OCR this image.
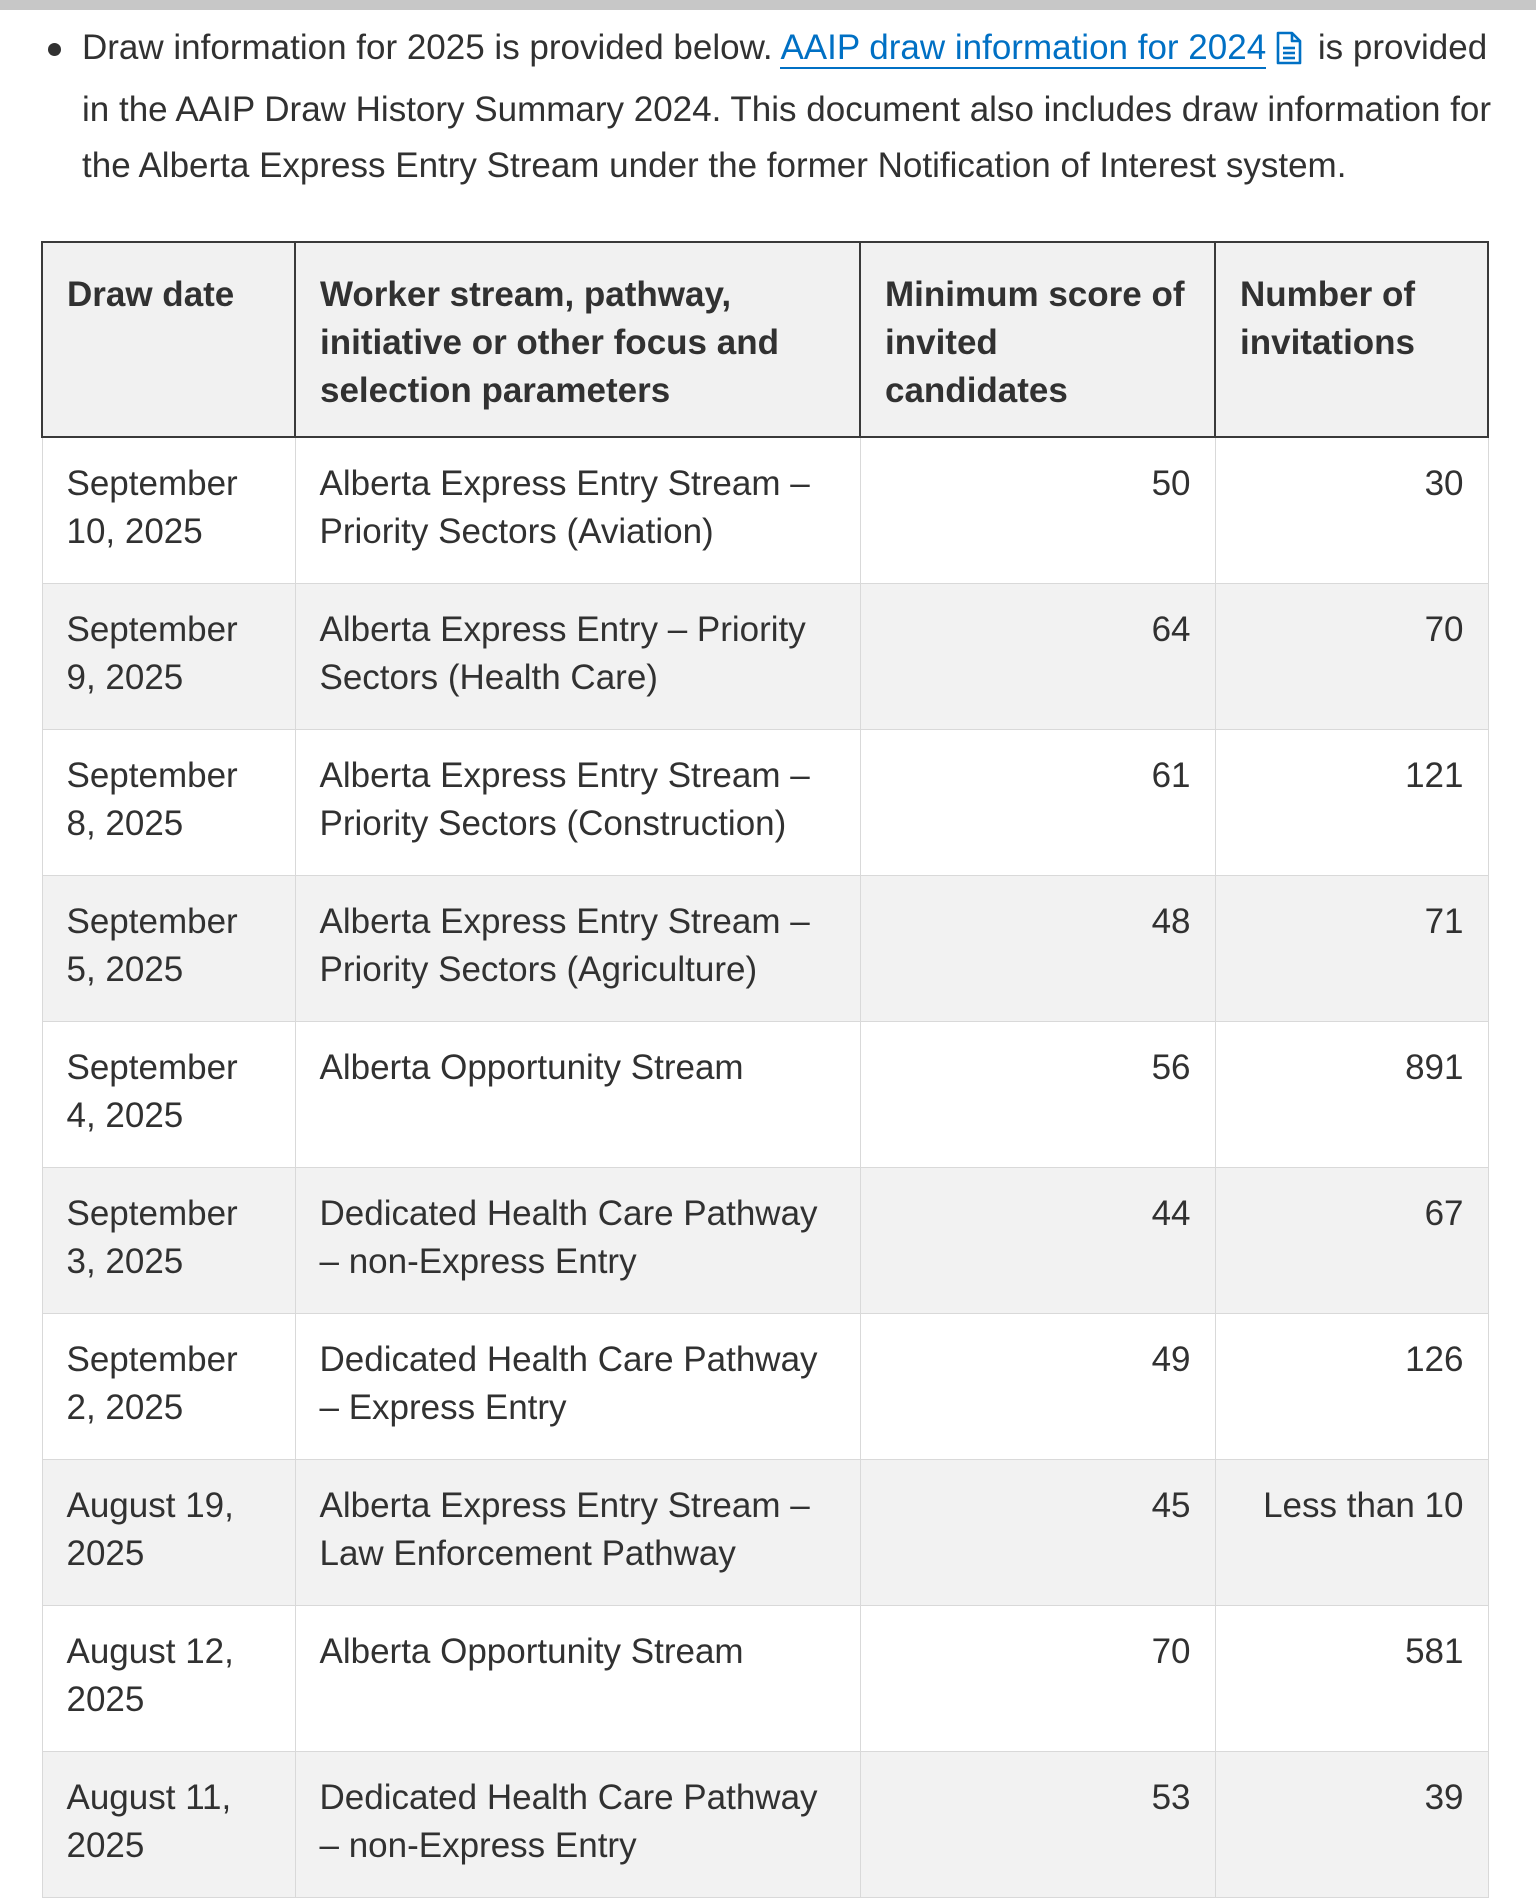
Draw information for 2025 is provided below. AAIP draw information for 2024 is provided in the AAIP Draw History Summary 2024. This document also includes draw information for the Alberta Express Entry Stream under the former Notification of Interest system.
Draw date	Worker stream, pathway, initiative or other focus and selection parameters	Minimum score of invited candidates	Number of invitations
September 10, 2025	Alberta Express Entry Stream – Priority Sectors (Aviation)	50	30
September 9, 2025	Alberta Express Entry – Priority Sectors (Health Care)	64	70
September 8, 2025	Alberta Express Entry Stream – Priority Sectors (Construction)	61	121
September 5, 2025	Alberta Express Entry Stream – Priority Sectors (Agriculture)	48	71
September 4, 2025	Alberta Opportunity Stream	56	891
September 3, 2025	Dedicated Health Care Pathway – non-Express Entry	44	67
September 2, 2025	Dedicated Health Care Pathway – Express Entry	49	126
August 19, 2025	Alberta Express Entry Stream – Law Enforcement Pathway	45	Less than 10
August 12, 2025	Alberta Opportunity Stream	70	581
August 11, 2025	Dedicated Health Care Pathway – non-Express Entry	53	39
